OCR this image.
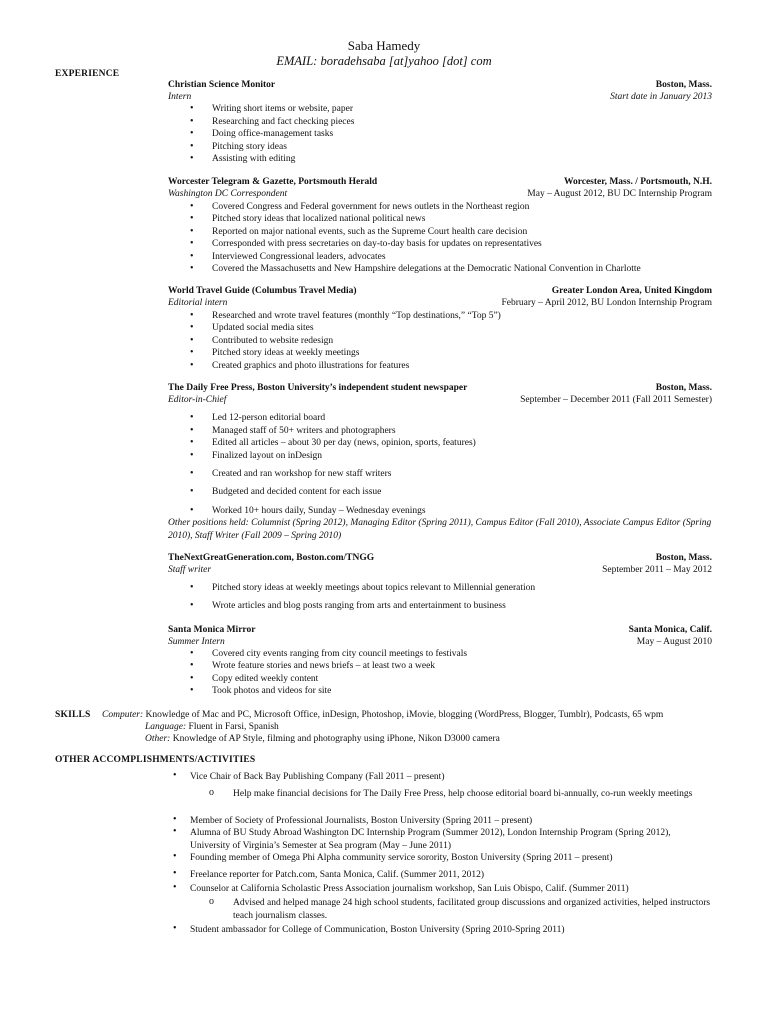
Saba Hamedy
EMAIL: boradehsaba [at]yahoo [dot] com
EXPERIENCE
Christian Science Monitor	Boston, Mass.
Intern	Start date in January 2013
• Writing short items or website, paper
• Researching and fact checking pieces
• Doing office-management tasks
• Pitching story ideas
• Assisting with editing
Worcester Telegram & Gazette, Portsmouth Herald	Worcester, Mass. / Portsmouth, N.H.
Washington DC Correspondent	May – August 2012, BU DC Internship Program
• Covered Congress and Federal government for news outlets in the Northeast region
• Pitched story ideas that localized national political news
• Reported on major national events, such as the Supreme Court health care decision
• Corresponded with press secretaries on day-to-day basis for updates on representatives
• Interviewed Congressional leaders, advocates
• Covered the Massachusetts and New Hampshire delegations at the Democratic National Convention in Charlotte
World Travel Guide (Columbus Travel Media)	Greater London Area, United Kingdom
Editorial intern	February – April 2012, BU London Internship Program
• Researched and wrote travel features (monthly “Top destinations,” “Top 5”)
• Updated social media sites
• Contributed to website redesign
• Pitched story ideas at weekly meetings
• Created graphics and photo illustrations for features
The Daily Free Press, Boston University’s independent student newspaper	Boston, Mass.
Editor-in-Chief	September – December 2011 (Fall 2011 Semester)
• Led 12-person editorial board
• Managed staff of 50+ writers and photographers
• Edited all articles – about 30 per day (news, opinion, sports, features)
• Finalized layout on inDesign
• Created and ran workshop for new staff writers
• Budgeted and decided content for each issue
• Worked 10+ hours daily, Sunday – Wednesday evenings
Other positions held: Columnist (Spring 2012), Managing Editor (Spring 2011), Campus Editor (Fall 2010), Associate Campus Editor (Spring 2010), Staff Writer (Fall 2009 – Spring 2010)
TheNextGreatGeneration.com, Boston.com/TNGG	Boston, Mass.
Staff writer	September 2011 – May 2012
• Pitched story ideas at weekly meetings about topics relevant to Millennial generation
• Wrote articles and blog posts ranging from arts and entertainment to business
Santa Monica Mirror	Santa Monica, Calif.
Summer Intern	May – August 2010
• Covered city events ranging from city council meetings to festivals
• Wrote feature stories and news briefs – at least two a week
• Copy edited weekly content
• Took photos and videos for site
SKILLS Computer: Knowledge of Mac and PC, Microsoft Office, inDesign, Photoshop, iMovie, blogging (WordPress, Blogger, Tumblr), Podcasts, 65 wpm
Language: Fluent in Farsi, Spanish
Other: Knowledge of AP Style, filming and photography using iPhone, Nikon D3000 camera
OTHER ACCOMPLISHMENTS/ACTIVITIES
• Vice Chair of Back Bay Publishing Company (Fall 2011 – present)
o Help make financial decisions for The Daily Free Press, help choose editorial board bi-annually, co-run weekly meetings
• Member of Society of Professional Journalists, Boston University (Spring 2011 – present)
• Alumna of BU Study Abroad Washington DC Internship Program (Summer 2012), London Internship Program (Spring 2012), University of Virginia’s Semester at Sea program (May – June 2011)
• Founding member of Omega Phi Alpha community service sorority, Boston University (Spring 2011 – present)
• Freelance reporter for Patch.com, Santa Monica, Calif. (Summer 2011, 2012)
• Counselor at California Scholastic Press Association journalism workshop, San Luis Obispo, Calif. (Summer 2011)
o Advised and helped manage 24 high school students, facilitated group discussions and organized activities, helped instructors teach journalism classes.
• Student ambassador for College of Communication, Boston University (Spring 2010-Spring 2011)
